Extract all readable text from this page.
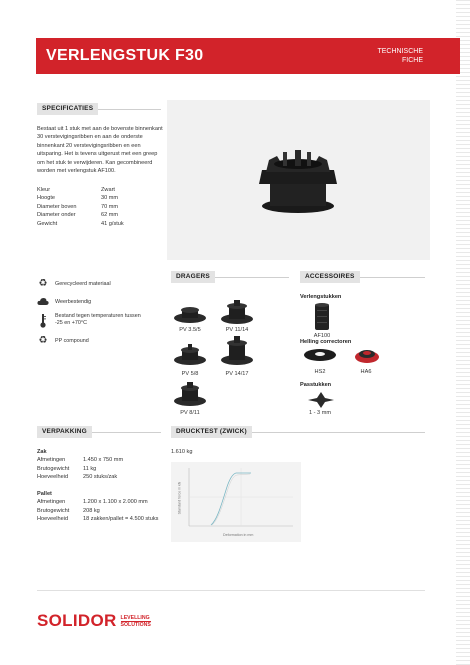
VERLENGSTUK F30	TECHNISCHE
FICHE
SPECIFICATIES
Bestaat uit 1 stuk met aan de bovenste binnenkant 30 verstevigingsribben en aan de onderste binnenkant 20 verstevigingsribben en een uitsparing. Het is tevens uitgerust met een greep om het stuk te verwijderen. Kan gecombineerd worden met verlengstuk AF100.
Kleur	Zwart
Hoogte	30 mm
Diameter boven	70 mm
Diameter onder	62 mm
Gewicht	41 g/stuk
♻ Gerecycleerd materiaal
Weerbestendig
Bestand tegen temperaturen tussen
-25 en +70°C
♻ PP compound
DRAGERS
PV 3.5/5	PV 11/14
PV 5/8	PV 14/17
PV 8/11
ACCESSOIRES
Verlengstukken
AF100
Helling correctoren
HS2	HA6
Passtukken
1 - 3 mm
VERPAKKING
Zak
Afmetingen	1.450 x 750 mm
Brutogewicht	11 kg
Hoeveelheid	250 stuks/zak
Pallet
Afmetingen	1.200 x 1.100 x 2.000 mm
Brutogewicht	208 kg
Hoeveelheid	18 zakken/pallet = 4.500 stuks
DRUCKTEST (ZWICK)
1.610 kg
Standard force in kN
Deformation in mm
SOLIDOR LEVELLING
SOLUTIONS
